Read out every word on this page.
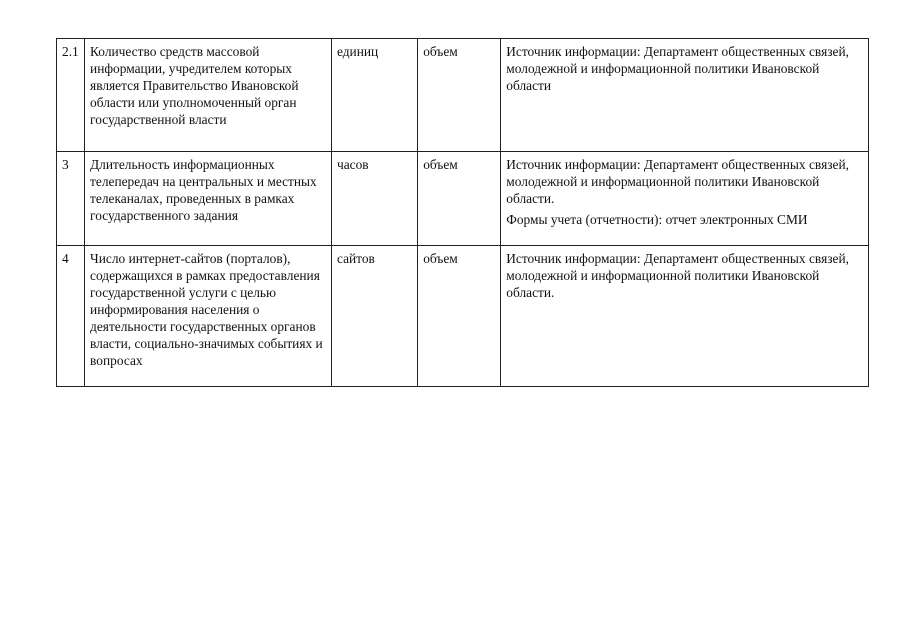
2.1	Количество средств массовой информации, учредителем которых является Правительство Ивановской области или уполномоченный орган государственной власти	единиц	объем	Источник информации: Департамент общественных связей, молодежной и информационной политики Ивановской области

3	Длительность информационных телепередач на центральных и местных телеканалах, проведенных в рамках государственного задания	часов	объем	Источник информации: Департамент общественных связей, молодежной и информационной политики Ивановской области.
Формы учета (отчетности): отчет электронных СМИ

4	Число интернет-сайтов (порталов), содержащихся в рамках предоставления государственной услуги с целью информирования населения о деятельности государственных органов власти, социально-значимых событиях и вопросах	сайтов	объем	Источник информации: Департамент общественных связей, молодежной и информационной политики Ивановской области.
